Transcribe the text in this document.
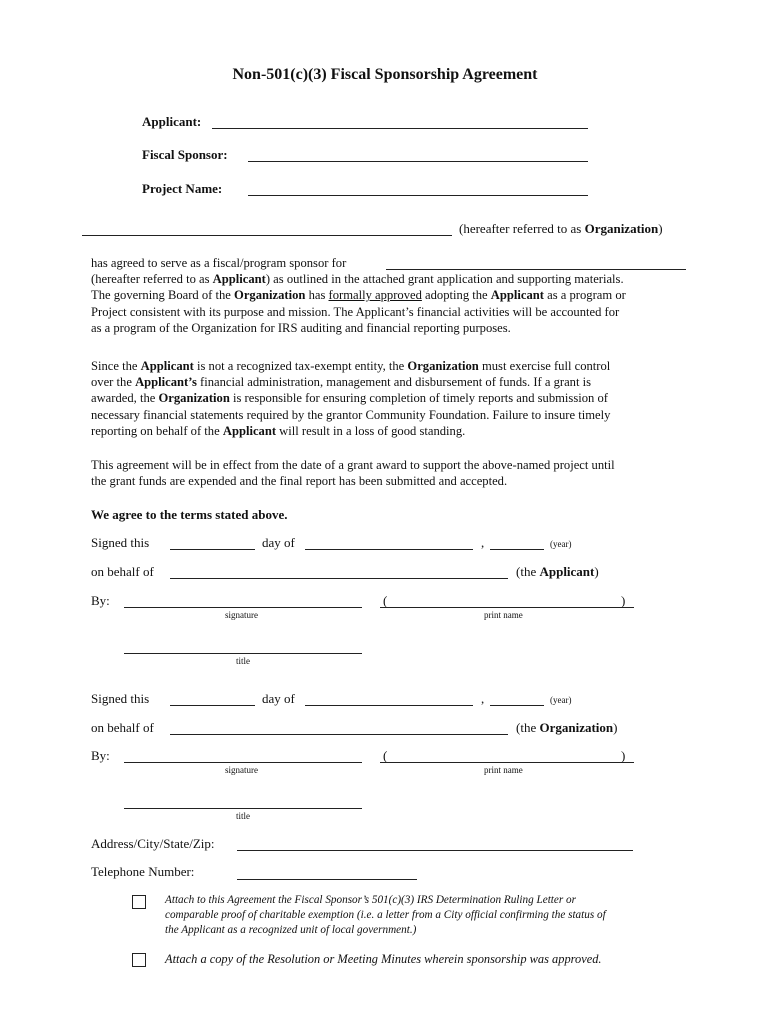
Non-501(c)(3) Fiscal Sponsorship Agreement
Applicant:
Fiscal Sponsor:
Project Name:
(hereafter referred to as Organization)
has agreed to serve as a fiscal/program sponsor for
(hereafter referred to as Applicant) as outlined in the attached grant application and supporting materials.
The governing Board of the Organization has formally approved adopting the Applicant as a program or
Project consistent with its purpose and mission. The Applicant’s financial activities will be accounted for
as a program of the Organization for IRS auditing and financial reporting purposes.
Since the Applicant is not a recognized tax-exempt entity, the Organization must exercise full control
over the Applicant’s financial administration, management and disbursement of funds. If a grant is
awarded, the Organization is responsible for ensuring completion of timely reports and submission of
necessary financial statements required by the grantor Community Foundation. Failure to insure timely
reporting on behalf of the Applicant will result in a loss of good standing.
This agreement will be in effect from the date of a grant award to support the above-named project until
the grant funds are expended and the final report has been submitted and accepted.
We agree to the terms stated above.
Signed this	day of	,	(year)
on behalf of	(the Applicant)
By:
signature
(	)
print name
title
Signed this	day of	,	(year)
on behalf of	(the Organization)
By:
signature
(	)
print name
title
Address/City/State/Zip:
Telephone Number:
Attach to this Agreement the Fiscal Sponsor’s 501(c)(3) IRS Determination Ruling Letter or
comparable proof of charitable exemption (i.e. a letter from a City official confirming the status of
the Applicant as a recognized unit of local government.)
Attach a copy of the Resolution or Meeting Minutes wherein sponsorship was approved.
